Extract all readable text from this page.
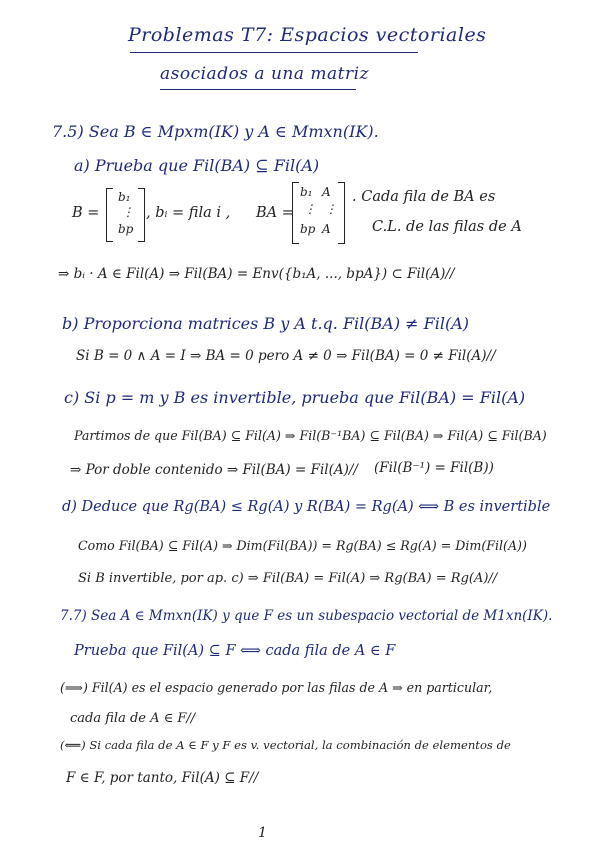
Problemas T7: Espacios vectoriales
asociados a una matriz
7.5) Sea B ∈ Mpxm(IK) y A ∈ Mmxn(IK).
a) Prueba que Fil(BA) ⊆ Fil(A)
B =
b₁
⋮
bp
, bᵢ = fila i , BA =
b₁
⋮
bp
A
⋮
A
. Cada fila de BA es
C.L. de las filas de A
⇒ bᵢ · A ∈ Fil(A) ⇒ Fil(BA) = Env({b₁A, ..., bpA}) ⊂ Fil(A)//
b) Proporciona matrices B y A t.q. Fil(BA) ≠ Fil(A)
Si B = 0 ∧ A = I ⇒ BA = 0 pero A ≠ 0 ⇒ Fil(BA) = 0 ≠ Fil(A)//
c) Si p = m y B es invertible, prueba que Fil(BA) = Fil(A)
Partimos de que Fil(BA) ⊆ Fil(A) ⇒ Fil(B⁻¹BA) ⊆ Fil(BA) ⇒ Fil(A) ⊆ Fil(BA)
⇒ Por doble contenido ⇒ Fil(BA) = Fil(A)// (Fil(B⁻¹) = Fil(B))
d) Deduce que Rg(BA) ≤ Rg(A) y R(BA) = Rg(A) ⟺ B es invertible
Como Fil(BA) ⊆ Fil(A) ⇒ Dim(Fil(BA)) = Rg(BA) ≤ Rg(A) = Dim(Fil(A))
Si B invertible, por ap. c) ⇒ Fil(BA) = Fil(A) ⇒ Rg(BA) = Rg(A)//
7.7) Sea A ∈ Mmxn(IK) y que F es un subespacio vectorial de M1xn(IK).
Prueba que Fil(A) ⊆ F ⟺ cada fila de A ∈ F
(⟹) Fil(A) es el espacio generado por las filas de A ⇒ en particular,
cada fila de A ∈ F//
(⟸) Si cada fila de A ∈ F y F es v. vectorial, la combinación de elementos de
F ∈ F, por tanto, Fil(A) ⊆ F//
1
